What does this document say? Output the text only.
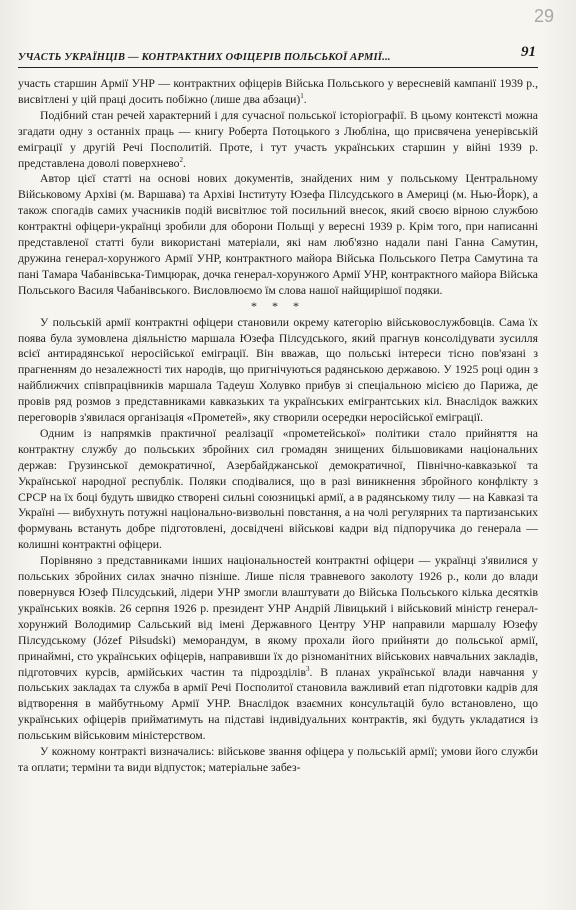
29
УЧАСТЬ УКРАЇНЦІВ — КОНТРАКТНИХ ОФІЦЕРІВ ПОЛЬСЬКОЇ АРМІЇ...	91

участь старшин Армії УНР — контрактних офіцерів Війська Польського у вересневій кампанії 1939 р., висвітлені у цій праці досить побіжно (лише два абзаци)$^1$.

Подібний стан речей характерний і для сучасної польської історіографії. В цьому контексті можна згадати одну з останніх праць — книгу Роберта Потоцького з Любліна, що присвячена уенерівській еміграції у другій Речі Посполитій. Проте, і тут участь українських старшин у війні 1939 р. представлена доволі поверхнево$^2$.

Автор цієї статті на основі нових документів, знайдених ним у польському Центральному Військовому Архіві (м. Варшава) та Архіві Інституту Юзефа Пілсудського в Америці (м. Нью-Йорк), а також спогадів самих учасників подій висвітлює той посильний внесок, який своєю вірною службою контрактні офіцери-українці зробили для оборони Польщі у вересні 1939 р. Крім того, при написанні представленої статті були використані матеріали, які нам люб'язно надали пані Ганна Самутин, дружина генерал-хорунжого Армії УНР, контрактного майора Війська Польського Петра Самутина та пані Тамара Чабанівська-Тимцюрак, дочка генерал-хорунжого Армії УНР, контрактного майора Війська Польського Василя Чабанівського. Висловлюємо їм слова нашої найщирішої подяки.

* * *

У польській армії контрактні офіцери становили окрему категорію військовослужбовців. Сама їх поява була зумовлена діяльністю маршала Юзефа Пілсудського, який прагнув консолідувати зусилля всієї антирадянської неросійської еміграції. Він вважав, що польські інтереси тісно пов'язані з прагненням до незалежності тих народів, що пригнічуються радянською державою. У 1925 році один з найближчих співпрацівників маршала Тадеуш Холувко прибув зі спеціальною місією до Парижа, де провів ряд розмов з представниками кавказьких та українських емігрантських кіл. Внаслідок важких переговорів з'явилася організація «Прометей», яку створили осередки неросійської еміграції.

Одним із напрямків практичної реалізації «прометейської» політики стало прийняття на контрактну службу до польських збройних сил громадян знищених більшовиками національних держав: Грузинської демократичної, Азербайджанської демократичної, Північно-кавказької та Української народної республік. Поляки сподівалися, що в разі виникнення збройного конфлікту з СРСР на їх боці будуть швидко створені сильні союзницькі армії, а в радянському тилу — на Кавказі та Україні — вибухнуть потужні національно-визвольні повстання, а на чолі регулярних та партизанських формувань встануть добре підготовлені, досвідчені військові кадри від підпоручика до генерала — колишні контрактні офіцери.

Порівняно з представниками інших національностей контрактні офіцери — українці з'явилися у польських збройних силах значно пізніше. Лише після травневого заколоту 1926 р., коли до влади повернувся Юзеф Пілсудський, лідери УНР змогли влаштувати до Війська Польського кілька десятків українських вояків. 26 серпня 1926 р. президент УНР Андрій Лівицький і військовий міністр генерал-хорунжий Володимир Сальський від імені Державного Центру УНР направили маршалу Юзефу Пілсудському (Józef Piłsudski) меморандум, в якому прохали його прийняти до польської армії, принаймні, сто українських офіцерів, направивши їх до різноманітних військових навчальних закладів, підготовчих курсів, армійських частин та підрозділів$^3$. В планах української влади навчання у польських закладах та служба в армії Речі Посполитої становила важливий етап підготовки кадрів для відтворення в майбутньому Армії УНР. Внаслідок взаємних консультацій було встановлено, що українських офіцерів прийматимуть на підставі індивідуальних контрактів, які будуть укладатися із польським військовим міністерством.

У кожному контракті визначались: військове звання офіцера у польській армії; умови його служби та оплати; терміни та види відпусток; матеріальне забез-
